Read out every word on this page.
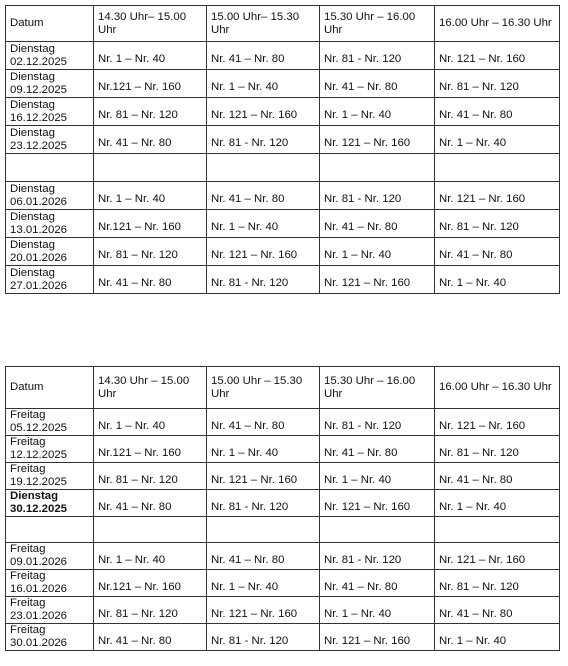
Datum	14.30 Uhr– 15.00 Uhr	15.00 Uhr– 15.30 Uhr	15.30 Uhr – 16.00 Uhr	16.00 Uhr – 16.30 Uhr

Dienstag
02.12.2025	Nr. 1 – Nr. 40	Nr. 41 – Nr. 80	Nr. 81 - Nr. 120	Nr. 121 – Nr. 160

Dienstag
09.12.2025	Nr.121 – Nr. 160	Nr. 1 – Nr. 40	Nr. 41 – Nr. 80	Nr. 81 – Nr. 120

Dienstag
16.12.2025	Nr. 81 – Nr. 120	Nr. 121 – Nr. 160	Nr. 1 – Nr. 40	Nr. 41 – Nr. 80

Dienstag
23.12.2025	Nr. 41 – Nr. 80	Nr. 81 - Nr. 120	Nr. 121 – Nr. 160	Nr. 1 – Nr. 40

Dienstag
06.01.2026	Nr. 1 – Nr. 40	Nr. 41 – Nr. 80	Nr. 81 - Nr. 120	Nr. 121 – Nr. 160

Dienstag
13.01.2026	Nr.121 – Nr. 160	Nr. 1 – Nr. 40	Nr. 41 – Nr. 80	Nr. 81 – Nr. 120

Dienstag
20.01.2026	Nr. 81 – Nr. 120	Nr. 121 – Nr. 160	Nr. 1 – Nr. 40	Nr. 41 – Nr. 80

Dienstag
27.01.2026	Nr. 41 – Nr. 80	Nr. 81 - Nr. 120	Nr. 121 – Nr. 160	Nr. 1 – Nr. 40
Datum	14.30 Uhr – 15.00 Uhr	15.00 Uhr – 15.30 Uhr	15.30 Uhr – 16.00 Uhr	16.00 Uhr – 16.30 Uhr

Freitag
05.12.2025	Nr. 1 – Nr. 40	Nr. 41 – Nr. 80	Nr. 81 - Nr. 120	Nr. 121 – Nr. 160

Freitag
12.12.2025	Nr.121 – Nr. 160	Nr. 1 – Nr. 40	Nr. 41 – Nr. 80	Nr. 81 – Nr. 120

Freitag
19.12.2025	Nr. 81 – Nr. 120	Nr. 121 – Nr. 160	Nr. 1 – Nr. 40	Nr. 41 – Nr. 80

Dienstag
30.12.2025	Nr. 41 – Nr. 80	Nr. 81 - Nr. 120	Nr. 121 – Nr. 160	Nr. 1 – Nr. 40

Freitag
09.01.2026	Nr. 1 – Nr. 40	Nr. 41 – Nr. 80	Nr. 81 - Nr. 120	Nr. 121 – Nr. 160

Freitag
16.01.2026	Nr.121 – Nr. 160	Nr. 1 – Nr. 40	Nr. 41 – Nr. 80	Nr. 81 – Nr. 120

Freitag
23.01.2026	Nr. 81 – Nr. 120	Nr. 121 – Nr. 160	Nr. 1 – Nr. 40	Nr. 41 – Nr. 80

Freitag
30.01.2026	Nr. 41 – Nr. 80	Nr. 81 - Nr. 120	Nr. 121 – Nr. 160	Nr. 1 – Nr. 40
